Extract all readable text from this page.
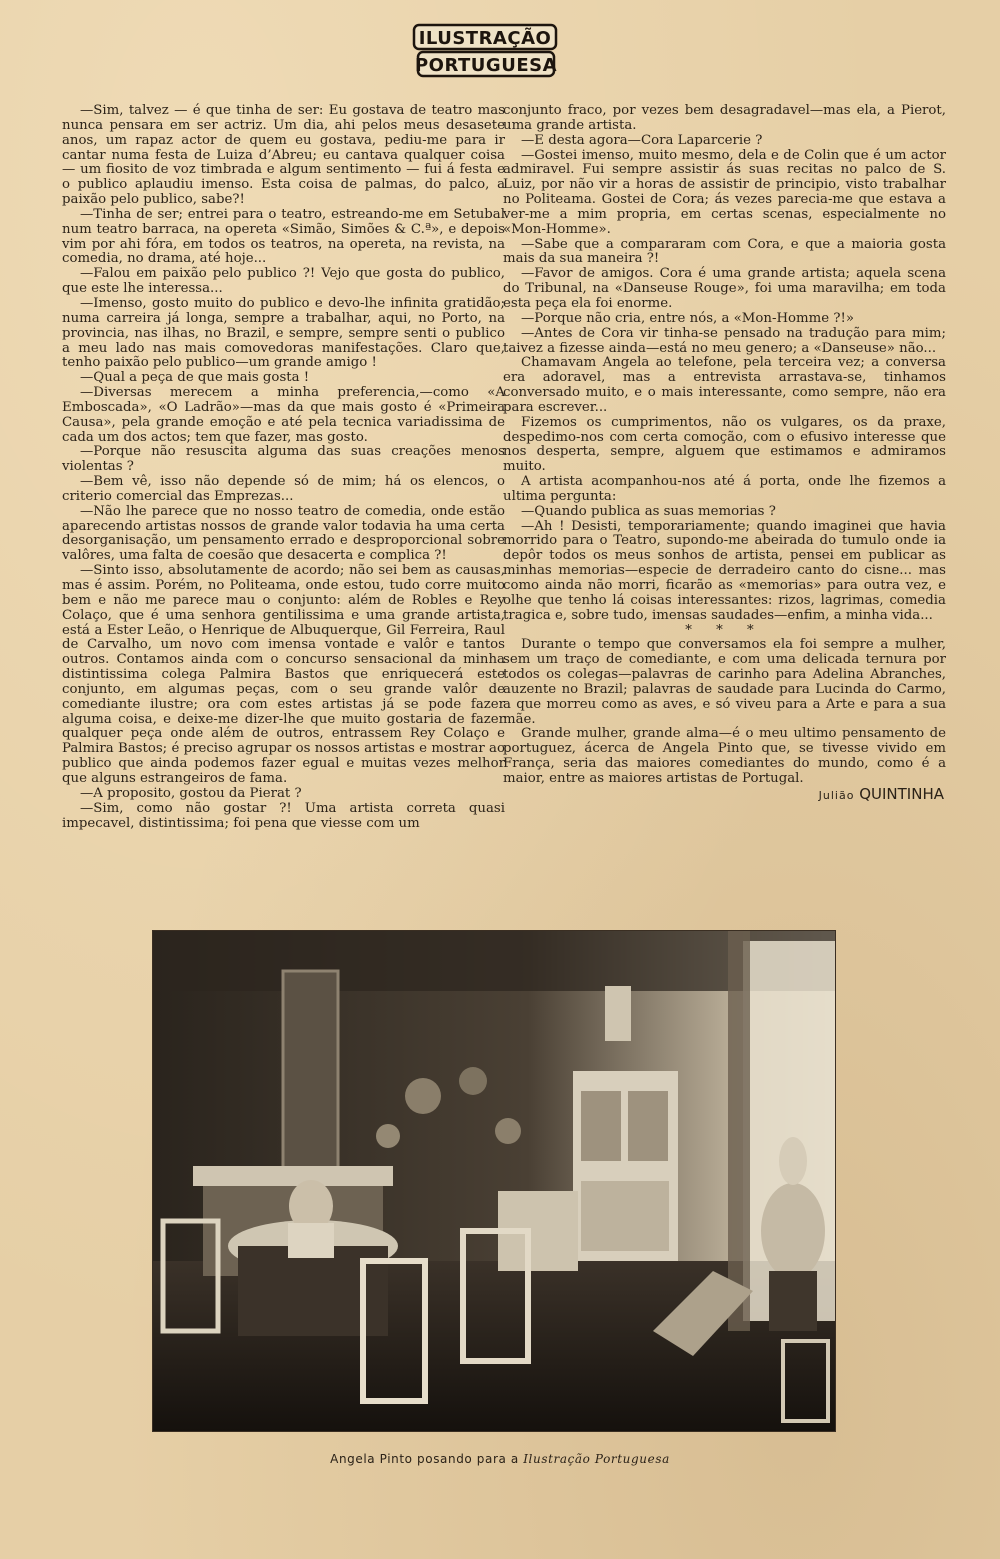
ILUSTRAÇÃO
PORTUGUESA

—Sim, talvez — é que tinha de ser: Eu gostava de teatro mas nunca pensara em ser actriz. Um dia, ahi pelos meus desasete anos, um rapaz actor de quem eu gostava, pediu-me para ir cantar numa festa de Luiza d’Abreu; eu cantava qualquer coisa — um fiosito de voz timbrada e algum sentimento — fui á festa e o publico aplaudiu imenso. Esta coisa de palmas, do palco, a paixão pelo publico, sabe?!

—Tinha de ser; entrei para o teatro, estreando-me em Setubal num teatro barraca, na opereta «Simão, Simões & C.ª», e depois vim por ahi fóra, em todos os teatros, na opereta, na revista, na comedia, no drama, até hoje...

—Falou em paixão pelo publico ?! Vejo que gosta do publico, que este lhe interessa...

—Imenso, gosto muito do publico e devo-lhe infinita gratidão; numa carreira já longa, sempre a trabalhar, aqui, no Porto, na provincia, nas ilhas, no Brazil, e sempre, sempre senti o publico a meu lado nas mais comovedoras manifestações. Claro que, tenho paixão pelo publico—um grande amigo !

—Qual a peça de que mais gosta !

—Diversas merecem a minha preferencia,—como «A Emboscada», «O Ladrão»—mas da que mais gosto é «Primeira Causa», pela grande emoção e até pela tecnica variadissima de cada um dos actos; tem que fazer, mas gosto.

—Porque não resuscita alguma das suas creações menos violentas ?

—Bem vê, isso não depende só de mim; há os elencos, o criterio comercial das Emprezas...

—Não lhe parece que no nosso teatro de comedia, onde estão aparecendo artistas nossos de grande valor todavia ha uma certa desorganisação, um pensamento errado e desproporcional sobre valôres, uma falta de coesão que desacerta e complica ?!

—Sinto isso, absolutamente de acordo; não sei bem as causas, mas é assim. Porém, no Politeama, onde estou, tudo corre muito bem e não me parece mau o conjunto: além de Robles e Rey Colaço, que é uma senhora gentilissima e uma grande artista, está a Ester Leão, o Henrique de Albuquerque, Gil Ferreira, Raul de Carvalho, um novo com imensa vontade e valôr e tantos outros. Contamos ainda com o concurso sensacional da minha distintissima colega Palmira Bastos que enriquecerá este conjunto, em algumas peças, com o seu grande valôr de comediante ilustre; ora com estes artistas já se pode fazer alguma coisa, e deixe-me dizer-lhe que muito gostaria de fazer qualquer peça onde além de outros, entrassem Rey Colaço e Palmira Bastos; é preciso agrupar os nossos artistas e mostrar ao publico que ainda podemos fazer egual e muitas vezes melhor que alguns estrangeiros de fama.

—A proposito, gostou da Pierat ?

—Sim, como não gostar ?! Uma artista correta quasi impecavel, distintissima; foi pena que viesse com um

conjunto fraco, por vezes bem desagradavel—mas ela, a Pierot, uma grande artista.

—E desta agora—Cora Laparcerie ?

—Gostei imenso, muito mesmo, dela e de Colin que é um actor admiravel. Fui sempre assistir ás suas recitas no palco de S. Luiz, por não vir a horas de assistir de principio, visto trabalhar no Politeama. Gostei de Cora; ás vezes parecia-me que estava a ver-me a mim propria, em certas scenas, especialmente no «Mon-Homme».

—Sabe que a compararam com Cora, e que a maioria gosta mais da sua maneira ?!

—Favor de amigos. Cora é uma grande artista; aquela scena do Tribunal, na «Danseuse Rouge», foi uma maravilha; em toda esta peça ela foi enorme.

—Porque não cria, entre nós, a «Mon-Homme ?!»

—Antes de Cora vir tinha-se pensado na tradução para mim; taivez a fizesse ainda—está no meu genero; a «Danseuse» não...

Chamavam Angela ao telefone, pela terceira vez; a conversa era adoravel, mas a entrevista arrastava-se, tinhamos conversado muito, e o mais interessante, como sempre, não era para escrever...

Fizemos os cumprimentos, não os vulgares, os da praxe, despedimo-nos com certa comoção, com o efusivo interesse que nos desperta, sempre, alguem que estimamos e admiramos muito.

A artista acompanhou-nos até á porta, onde lhe fizemos a ultima pergunta:

—Quando publica as suas memorias ?

—Ah ! Desisti, temporariamente; quando imaginei que havia morrido para o Teatro, supondo-me abeirada do tumulo onde ia depôr todos os meus sonhos de artista, pensei em publicar as minhas memorias—especie de derradeiro canto do cisne... mas como ainda não morri, ficarão as «memorias» para outra vez, e olhe que tenho lá coisas interessantes: rizos, lagrimas, comedia tragica e, sobre tudo, imensas saudades—enfim, a minha vida...

* * *

Durante o tempo que conversamos ela foi sempre a mulher, sem um traço de comediante, e com uma delicada ternura por todos os colegas—palavras de carinho para Adelina Abranches, auzente no Brazil; palavras de saudade para Lucinda do Carmo, a que morreu como as aves, e só viveu para a Arte e para a sua mãe.

Grande mulher, grande alma—é o meu ultimo pensamento de portuguez, ácerca de Angela Pinto que, se tivesse vivido em França, seria das maiores comediantes do mundo, como é a maior, entre as maiores artistas de Portugal.

Julião QUINTINHA

Angela Pinto posando para a Ilustração Portuguesa
